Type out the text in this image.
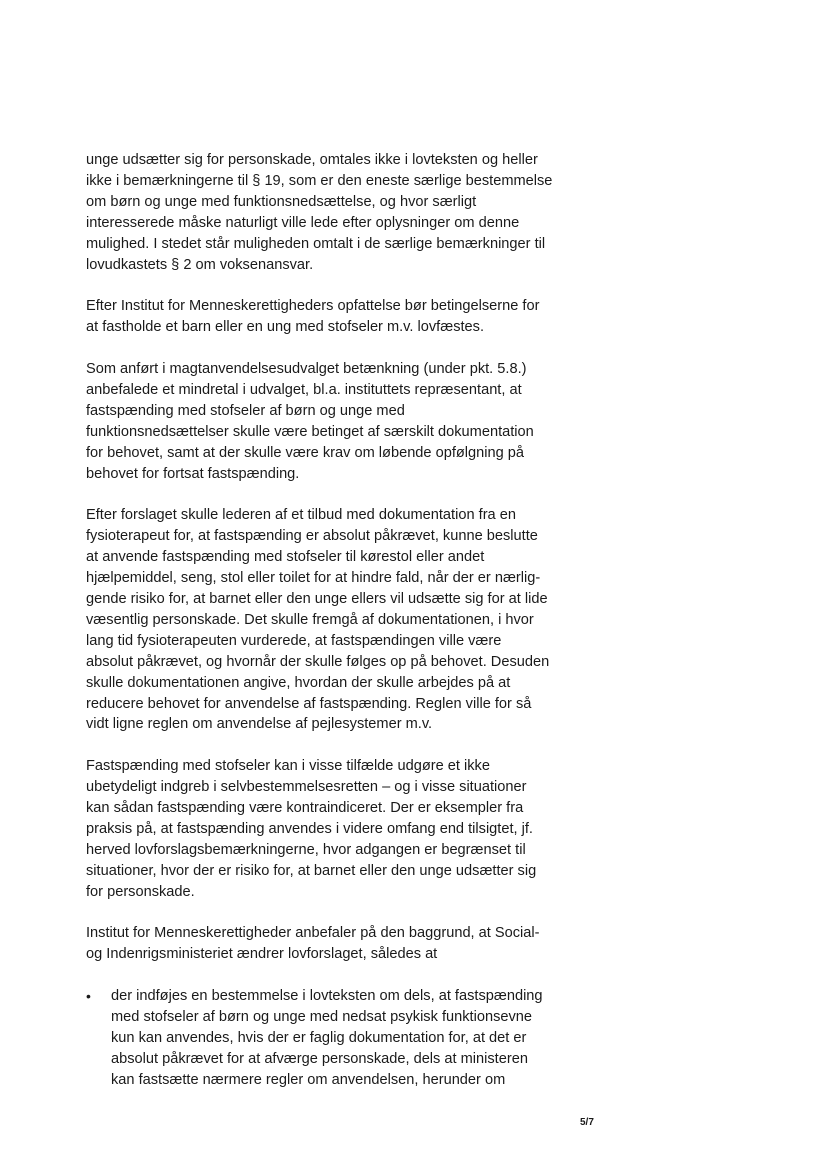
unge udsætter sig for personskade, omtales ikke i lovteksten og heller
ikke i bemærkningerne til § 19, som er den eneste særlige bestemmelse
om børn og unge med funktionsnedsættelse, og hvor særligt
interesserede måske naturligt ville lede efter oplysninger om denne
mulighed. I stedet står muligheden omtalt i de særlige bemærkninger til
lovudkastets § 2 om voksenansvar.

Efter Institut for Menneskerettigheders opfattelse bør betingelserne for
at fastholde et barn eller en ung med stofseler m.v. lovfæstes.

Som anført i magtanvendelsesudvalget betænkning (under pkt. 5.8.)
anbefalede et mindretal i udvalget, bl.a. instituttets repræsentant, at
fastspænding med stofseler af børn og unge med
funktionsnedsættelser skulle være betinget af særskilt dokumentation
for behovet, samt at der skulle være krav om løbende opfølgning på
behovet for fortsat fastspænding.

Efter forslaget skulle lederen af et tilbud med dokumentation fra en
fysioterapeut for, at fastspænding er absolut påkrævet, kunne beslutte
at anvende fastspænding med stofseler til kørestol eller andet
hjælpemiddel, seng, stol eller toilet for at hindre fald, når der er nærlig-
gende risiko for, at barnet eller den unge ellers vil udsætte sig for at lide
væsentlig personskade. Det skulle fremgå af dokumentationen, i hvor
lang tid fysioterapeuten vurderede, at fastspændingen ville være
absolut påkrævet, og hvornår der skulle følges op på behovet. Desuden
skulle dokumentationen angive, hvordan der skulle arbejdes på at
reducere behovet for anvendelse af fastspænding. Reglen ville for så
vidt ligne reglen om anvendelse af pejlesystemer m.v.

Fastspænding med stofseler kan i visse tilfælde udgøre et ikke
ubetydeligt indgreb i selvbestemmelsesretten – og i visse situationer
kan sådan fastspænding være kontraindiceret. Der er eksempler fra
praksis på, at fastspænding anvendes i videre omfang end tilsigtet, jf.
herved lovforslagsbemærkningerne, hvor adgangen er begrænset til
situationer, hvor der er risiko for, at barnet eller den unge udsætter sig
for personskade.

Institut for Menneskerettigheder anbefaler på den baggrund, at Social-
og Indenrigsministeriet ændrer lovforslaget, således at

• der indføjes en bestemmelse i lovteksten om dels, at fastspænding
med stofseler af børn og unge med nedsat psykisk funktionsevne
kun kan anvendes, hvis der er faglig dokumentation for, at det er
absolut påkrævet for at afværge personskade, dels at ministeren
kan fastsætte nærmere regler om anvendelsen, herunder om
5/7
